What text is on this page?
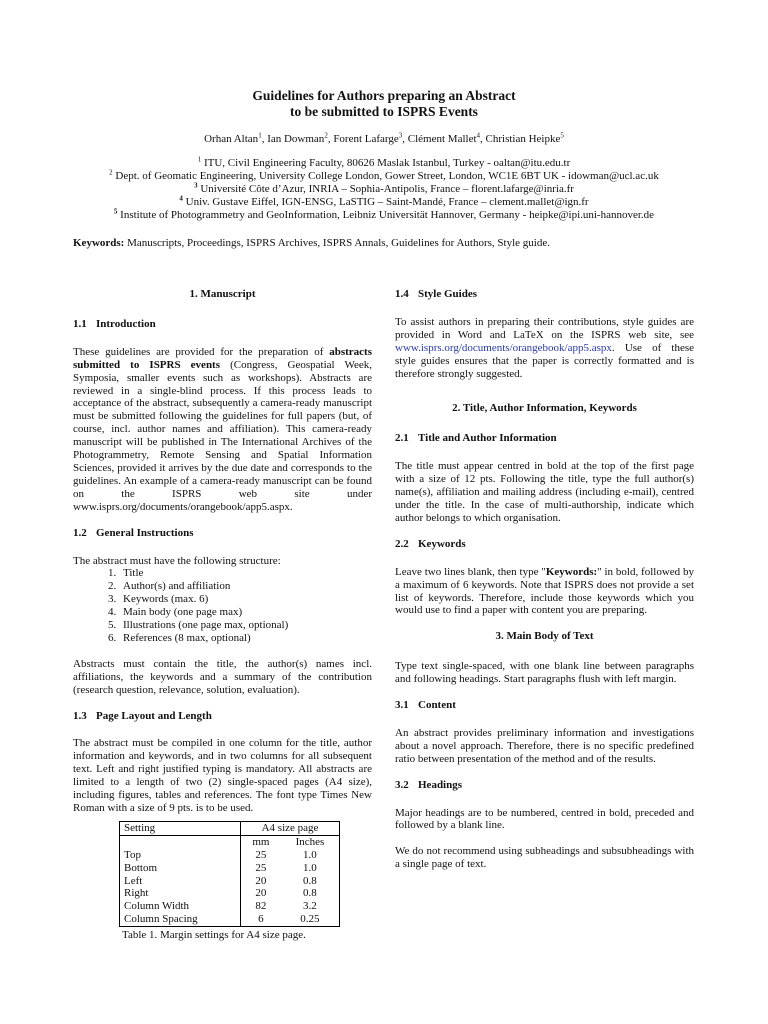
Guidelines for Authors preparing an Abstract
to be submitted to ISPRS Events
Orhan Altan$^1$, Ian Dowman$^2$, Forent Lafarge$^3$, Clément Mallet$^4$, Christian Heipke$^5$
$^1$ ITU, Civil Engineering Faculty, 80626 Maslak Istanbul, Turkey - oaltan@itu.edu.tr
$^2$ Dept. of Geomatic Engineering, University College London, Gower Street, London, WC1E 6BT UK - idowman@ucl.ac.uk
$^3$ Université Côte d’Azur, INRIA – Sophia-Antipolis, France – florent.lafarge@inria.fr
$^4$ Univ. Gustave Eiffel, IGN-ENSG, LaSTIG – Saint-Mandé, France – clement.mallet@ign.fr
$^5$ Institute of Photogrammetry and GeoInformation, Leibniz Universität Hannover, Germany - heipke@ipi.uni-hannover.de
Keywords: Manuscripts, Proceedings, ISPRS Archives, ISPRS Annals, Guidelines for Authors, Style guide.
1. Manuscript
1.1 Introduction

These guidelines are provided for the preparation of abstracts submitted to ISPRS events (Congress, Geospatial Week, Symposia, smaller events such as workshops). Abstracts are reviewed in a single-blind process. If this process leads to acceptance of the abstract, subsequently a camera-ready manuscript must be submitted following the guidelines for full papers (but, of course, incl. author names and affiliation). This camera-ready manuscript will be published in The International Archives of the Photogrammetry, Remote Sensing and Spatial Information Sciences, provided it arrives by the due date and corresponds to the guidelines. An example of a camera-ready manuscript can be found on the ISPRS web site under www.isprs.org/documents/orangebook/app5.aspx.

1.2 General Instructions
The abstract must have the following structure:
1. Title
2. Author(s) and affiliation
3. Keywords (max. 6)
4. Main body (one page max)
5. Illustrations (one page max, optional)
6. References (8 max, optional)

Abstracts must contain the title, the author(s) names incl. affiliations, the keywords and a summary of the contribution (research question, relevance, solution, evaluation).

1.3 Page Layout and Length

The abstract must be compiled in one column for the title, author information and keywords, and in two columns for all subsequent text. Left and right justified typing is mandatory. All abstracts are limited to a length of two (2) single-spaced pages (A4 size), including figures, tables and references. The font type Times New Roman with a size of 9 pts. is to be used.

Setting	A4 size page	
	mm	Inches
Top	25	1.0
Bottom	25	1.0
Left	20	0.8
Right	20	0.8
Column Width	82	3.2
Column Spacing	6	0.25
Table 1. Margin settings for A4 size page.
1.4 Style Guides

To assist authors in preparing their contributions, style guides are provided in Word and LaTeX on the ISPRS web site, see www.isprs.org/documents/orangebook/app5.aspx. Use of these style guides ensures that the paper is correctly formatted and is therefore strongly suggested.

2. Title, Author Information, Keywords
2.1 Title and Author Information

The title must appear centred in bold at the top of the first page with a size of 12 pts. Following the title, type the full author(s) name(s), affiliation and mailing address (including e-mail), centred under the title. In the case of multi-authorship, indicate which author belongs to which organisation.

2.2 Keywords

Leave two lines blank, then type "Keywords:" in bold, followed by a maximum of 6 keywords. Note that ISPRS does not provide a set list of keywords. Therefore, include those keywords which you would use to find a paper with content you are preparing.

3. Main Body of Text

Type text single-spaced, with one blank line between paragraphs and following headings. Start paragraphs flush with left margin.

3.1 Content

An abstract provides preliminary information and investigations about a novel approach. Therefore, there is no specific predefined ratio between presentation of the method and of the results.

3.2 Headings

Major headings are to be numbered, centred in bold, preceded and followed by a blank line.

We do not recommend using subheadings and subsubheadings with a single page of text.
